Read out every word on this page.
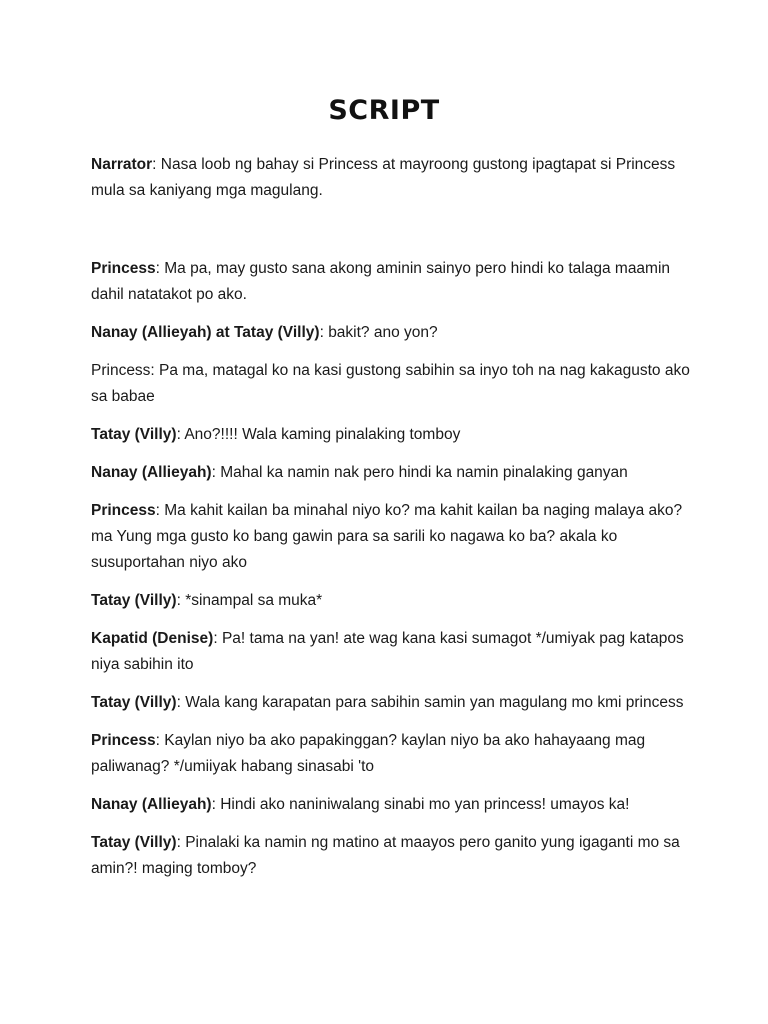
SCRIPT

Narrator: Nasa loob ng bahay si Princess at mayroong gustong ipagtapat si Princess mula sa kaniyang mga magulang.

Princess: Ma pa, may gusto sana akong aminin sainyo pero hindi ko talaga maamin dahil natatakot po ako.

Nanay (Allieyah) at Tatay (Villy): bakit? ano yon?

Princess: Pa ma, matagal ko na kasi gustong sabihin sa inyo toh na nag kakagusto ako sa babae

Tatay (Villy): Ano?!!!! Wala kaming pinalaking tomboy

Nanay (Allieyah): Mahal ka namin nak pero hindi ka namin pinalaking ganyan

Princess: Ma kahit kailan ba minahal niyo ko? ma kahit kailan ba naging malaya ako? ma Yung mga gusto ko bang gawin para sa sarili ko nagawa ko ba? akala ko susuportahan niyo ako

Tatay (Villy): *sinampal sa muka*

Kapatid (Denise): Pa! tama na yan! ate wag kana kasi sumagot */umiyak pag katapos niya sabihin ito

Tatay (Villy): Wala kang karapatan para sabihin samin yan magulang mo kmi princess

Princess: Kaylan niyo ba ako papakinggan? kaylan niyo ba ako hahayaang mag paliwanag? */umiiyak habang sinasabi 'to

Nanay (Allieyah): Hindi ako naniniwalang sinabi mo yan princess! umayos ka!

Tatay (Villy): Pinalaki ka namin ng matino at maayos pero ganito yung igaganti mo sa amin?! maging tomboy?
